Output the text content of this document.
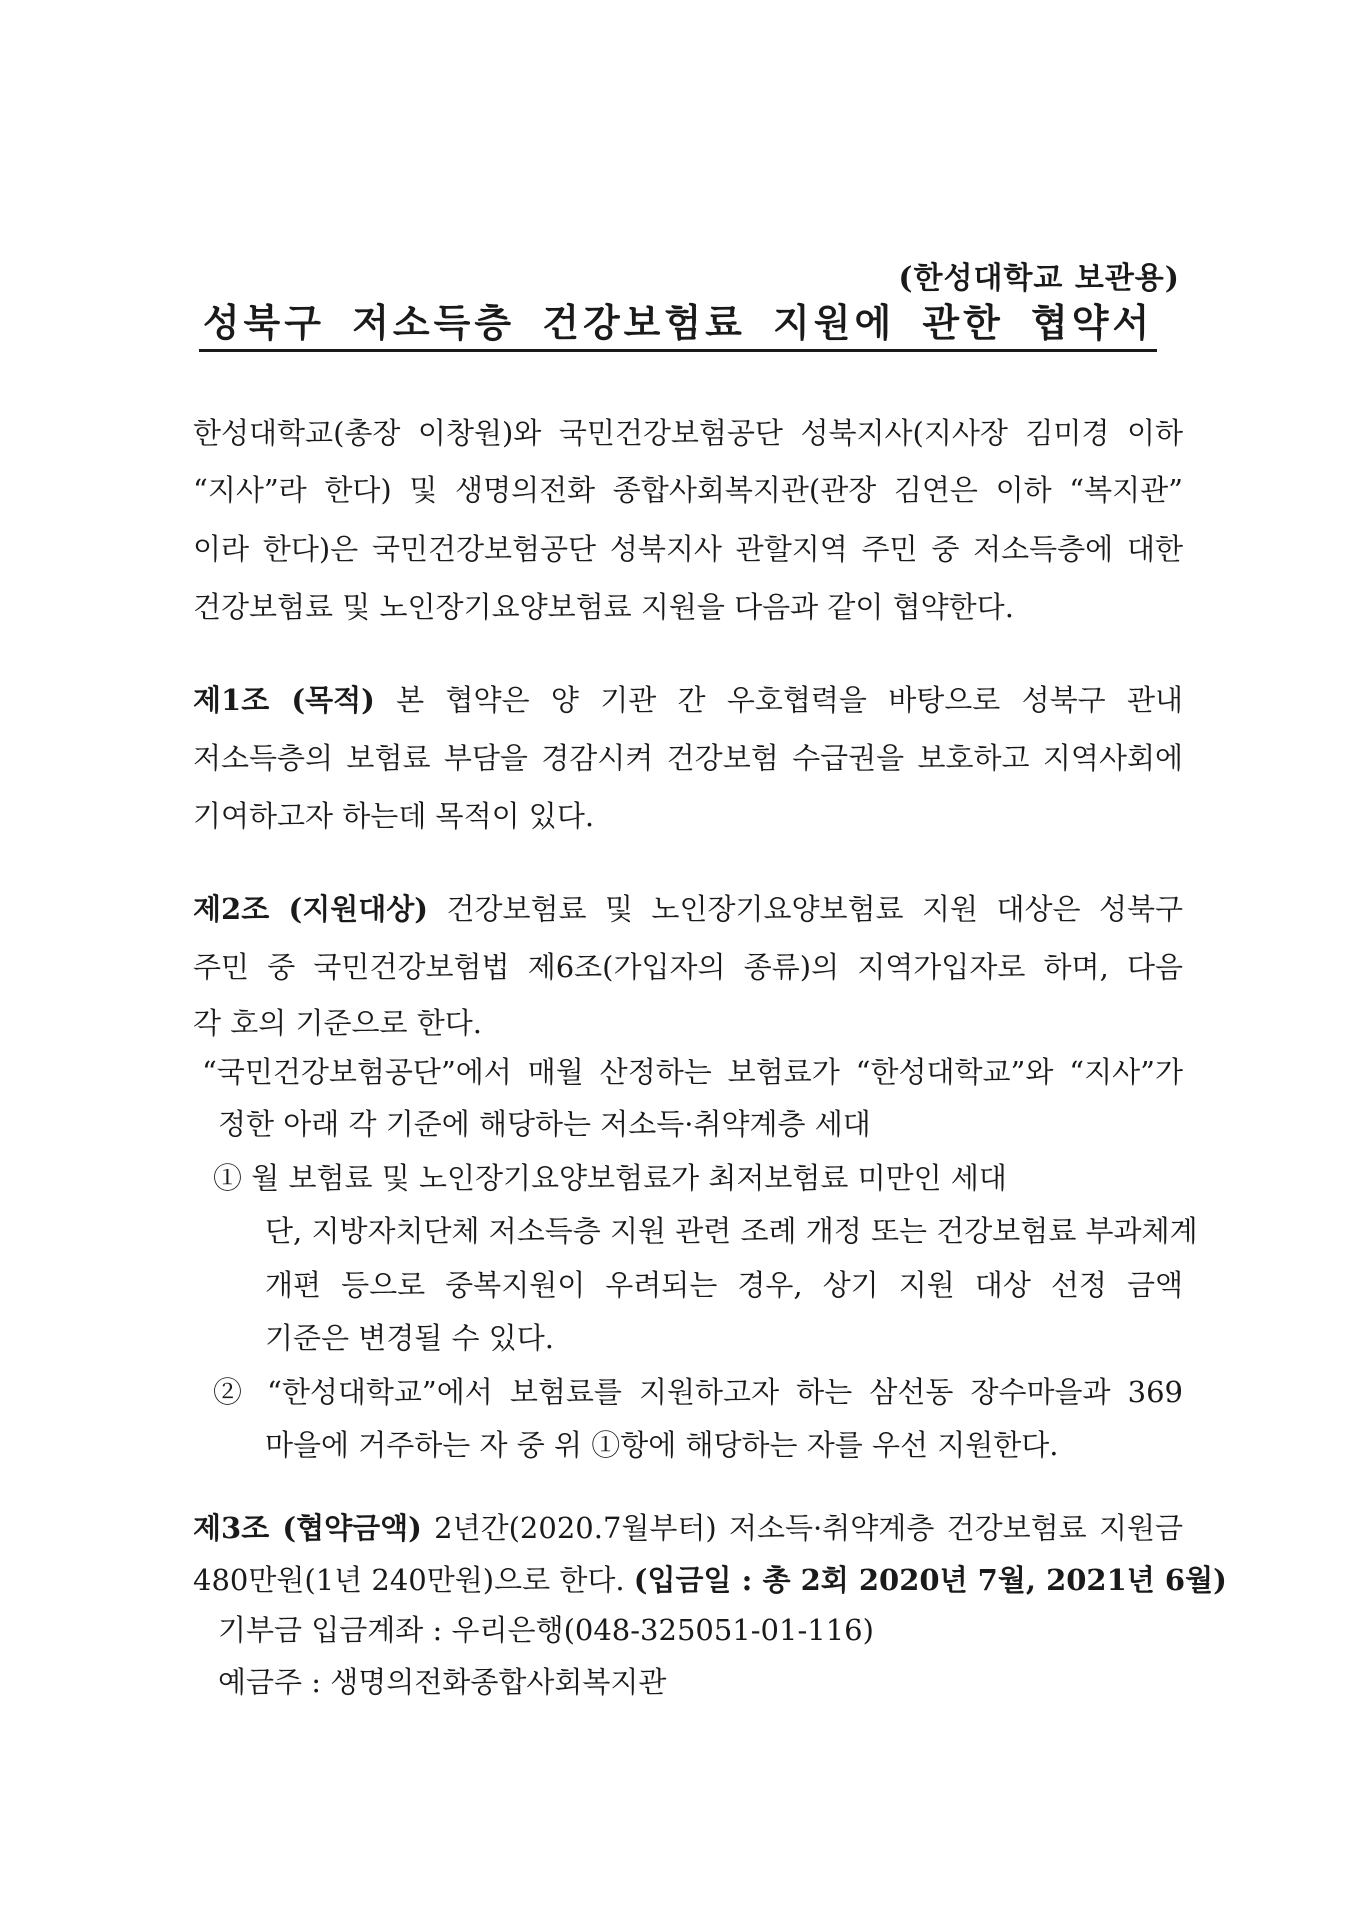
(한성대학교 보관용)
성북구 저소득층 건강보험료 지원에 관한 협약서
한성대학교(총장 이창원)와 국민건강보험공단 성북지사(지사장 김미경 이하
“지사”라 한다) 및 생명의전화 종합사회복지관(관장 김연은 이하 “복지관”
이라 한다)은 국민건강보험공단 성북지사 관할지역 주민 중 저소득층에 대한
건강보험료 및 노인장기요양보험료 지원을 다음과 같이 협약한다.
제1조 (목적) 본 협약은 양 기관 간 우호협력을 바탕으로 성북구 관내
저소득층의 보험료 부담을 경감시켜 건강보험 수급권을 보호하고 지역사회에
기여하고자 하는데 목적이 있다.
제2조 (지원대상) 건강보험료 및 노인장기요양보험료 지원 대상은 성북구
주민 중 국민건강보험법 제6조(가입자의 종류)의 지역가입자로 하며, 다음
각 호의 기준으로 한다.
“국민건강보험공단”에서 매월 산정하는 보험료가 “한성대학교”와 “지사”가
정한 아래 각 기준에 해당하는 저소득·취약계층 세대
① 월 보험료 및 노인장기요양보험료가 최저보험료 미만인 세대
단, 지방자치단체 저소득층 지원 관련 조례 개정 또는 건강보험료 부과체계
개편 등으로 중복지원이 우려되는 경우, 상기 지원 대상 선정 금액
기준은 변경될 수 있다.
② “한성대학교”에서 보험료를 지원하고자 하는 삼선동 장수마을과 369
마을에 거주하는 자 중 위 ①항에 해당하는 자를 우선 지원한다.
제3조 (협약금액) 2년간(2020.7월부터) 저소득·취약계층 건강보험료 지원금
480만원(1년 240만원)으로 한다. (입금일 : 총 2회 2020년 7월, 2021년 6월)
기부금 입금계좌 : 우리은행(048-325051-01-116)
예금주 : 생명의전화종합사회복지관
